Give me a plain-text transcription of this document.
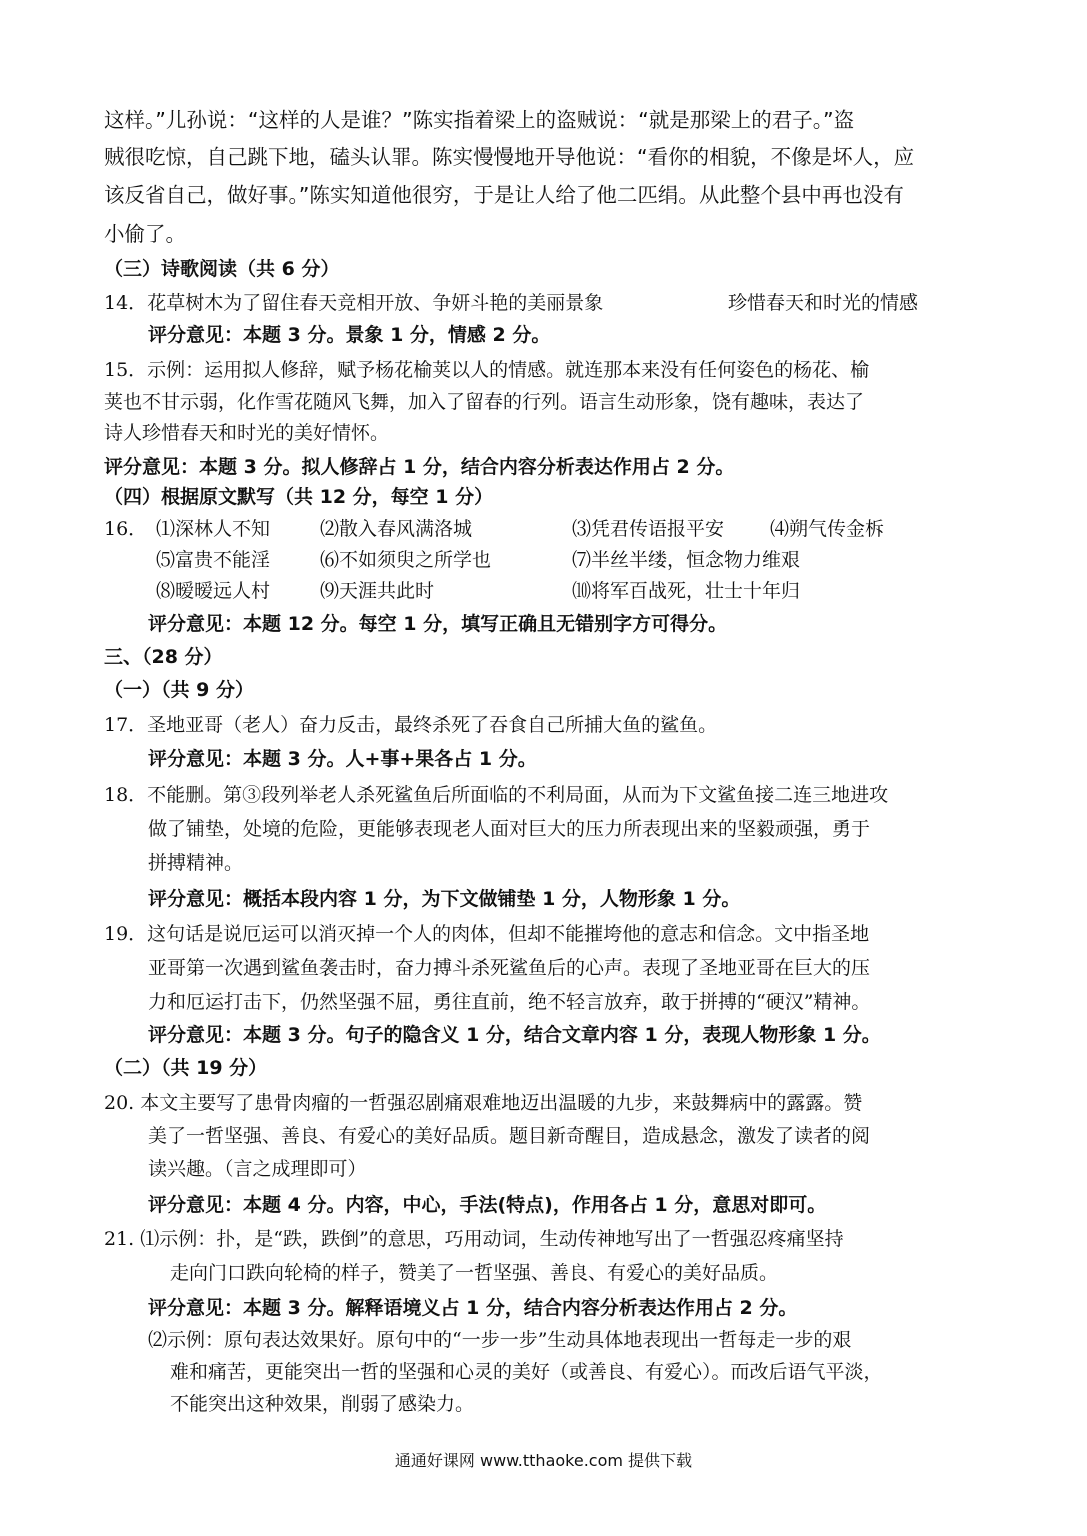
这样。”儿孙说：“这样的人是谁？”陈实指着梁上的盗贼说：“就是那梁上的君子。”盗
贼很吃惊，自己跳下地，磕头认罪。陈实慢慢地开导他说：“看你的相貌，不像是坏人，应
该反省自己，做好事。”陈实知道他很穷，于是让人给了他二匹绢。从此整个县中再也没有
小偷了。
（三）诗歌阅读（共 6 分）
14．花草树木为了留住春天竞相开放、争妍斗艳的美丽景象	珍惜春天和时光的情感
评分意见：本题 3 分。景象 1 分，情感 2 分。
15．示例：运用拟人修辞，赋予杨花榆荚以人的情感。就连那本来没有任何姿色的杨花、榆
荚也不甘示弱，化作雪花随风飞舞，加入了留春的行列。语言生动形象，饶有趣味，表达了
诗人珍惜春天和时光的美好情怀。
评分意见：本题 3 分。拟人修辞占 1 分，结合内容分析表达作用占 2 分。
（四）根据原文默写（共 12 分，每空 1 分）
16． ⑴深林人不知	⑵散入春风满洛城	⑶凭君传语报平安 ⑷朔气传金柝
⑸富贵不能淫	⑹不如须臾之所学也	⑺半丝半缕，恒念物力维艰
⑻暧暧远人村	⑼天涯共此时	⑽将军百战死，壮士十年归
评分意见：本题 12 分。每空 1 分，填写正确且无错别字方可得分。
三、（28 分）
（一）（共 9 分）
17．圣地亚哥（老人）奋力反击，最终杀死了吞食自己所捕大鱼的鲨鱼。
评分意见：本题 3 分。人+事+果各占 1 分。
18．不能删。第③段列举老人杀死鲨鱼后所面临的不利局面，从而为下文鲨鱼接二连三地进攻
做了铺垫，处境的危险，更能够表现老人面对巨大的压力所表现出来的坚毅顽强，勇于
拼搏精神。
评分意见：概括本段内容 1 分，为下文做铺垫 1 分，人物形象 1 分。
19．这句话是说厄运可以消灭掉一个人的肉体，但却不能摧垮他的意志和信念。文中指圣地
亚哥第一次遇到鲨鱼袭击时，奋力搏斗杀死鲨鱼后的心声。表现了圣地亚哥在巨大的压
力和厄运打击下，仍然坚强不屈，勇往直前，绝不轻言放弃，敢于拼搏的“硬汉”精神。
评分意见：本题 3 分。句子的隐含义 1 分，结合文章内容 1 分，表现人物形象 1 分。
（二）（共 19 分）
20. 本文主要写了患骨肉瘤的一哲强忍剧痛艰难地迈出温暖的九步，来鼓舞病中的露露。赞
美了一哲坚强、善良、有爱心的美好品质。题目新奇醒目，造成悬念，激发了读者的阅
读兴趣。（言之成理即可）
评分意见：本题 4 分。内容，中心，手法(特点)，作用各占 1 分，意思对即可。
21. ⑴示例：扑，是“跌，跌倒”的意思，巧用动词，生动传神地写出了一哲强忍疼痛坚持
走向门口跌向轮椅的样子，赞美了一哲坚强、善良、有爱心的美好品质。
评分意见：本题 3 分。解释语境义占 1 分，结合内容分析表达作用占 2 分。
⑵示例：原句表达效果好。原句中的“一步一步”生动具体地表现出一哲每走一步的艰
难和痛苦，更能突出一哲的坚强和心灵的美好（或善良、有爱心）。而改后语气平淡，
不能突出这种效果，削弱了感染力。
通通好课网 www.tthaoke.com 提供下载
